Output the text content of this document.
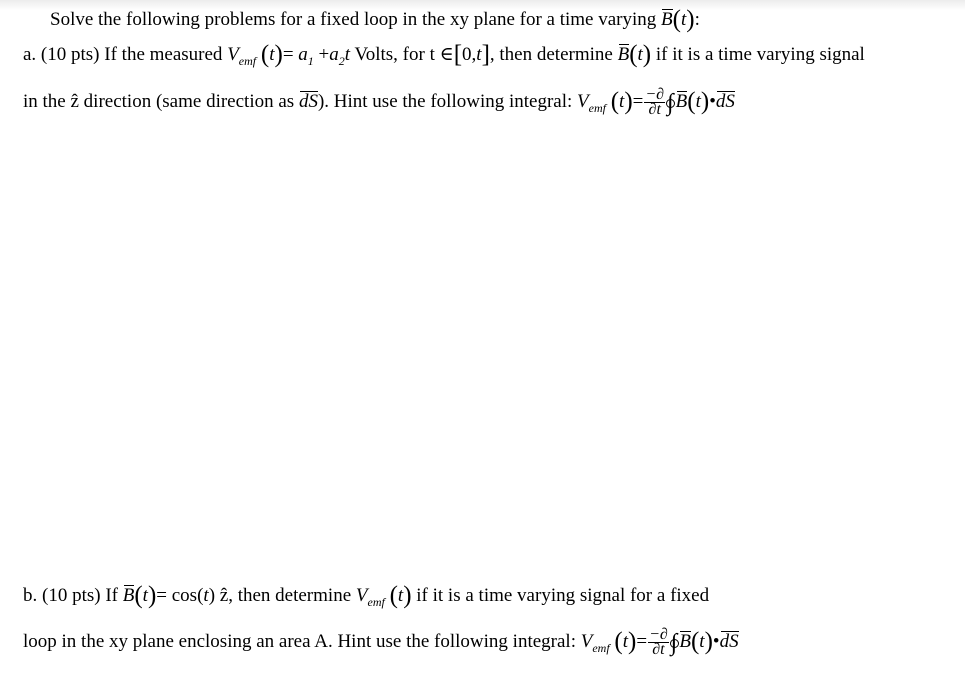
Solve the following problems for a fixed loop in the xy plane for a time varying B(t):
a. (10 pts) If the measured $V_{emf}$ $(t)= a_1 +a_2t$ Volts, for t ∈[0,t], then determine B(t) if it is a time varying signal
in the ẑ direction (same direction as dS). Hint use the following integral: $V_{emf}$ $(t)= \frac{-\partial}{\partial t}$ ∫ B(t)•dS
b. (10 pts) If B(t)= cos(t) ẑ, then determine $V_{emf}$ (t) if it is a time varying signal for a fixed
loop in the xy plane enclosing an area A. Hint use the following integral: $V_{emf}$ $(t)= \frac{-\partial}{\partial t}$ ∫ B(t)•dS
